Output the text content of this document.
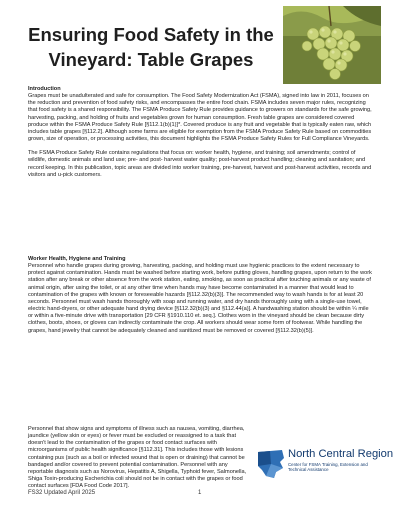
Ensuring Food Safety in the Vineyard: Table Grapes
Introduction

Grapes must be unadulterated and safe for consumption. The Food Safety Modernization Act (FSMA), signed into law in 2011, focuses on the reduction and prevention of food safety risks, and encompasses the entire food chain. FSMA includes seven major rules, recognizing that food safety is a shared responsibility. The FSMA Produce Safety Rule provides guidance to growers on standards for the safe growing, harvesting, packing, and holding of fruits and vegetables grown for human consumption. Fresh table grapes are considered covered produce within the FSMA Produce Safety Rule [§112.1(b)(1)]*. Covered produce is any fruit and vegetable that is typically eaten raw, which includes table grapes [§112.2]. Although some farms are eligible for exemption from the FSMA Produce Safety Rule based on commodities grown, size of operation, or processing activities, this document highlights the FSMA Produce Safety Rules for Full Compliance Vineyards.

The FSMA Produce Safety Rule contains regulations that focus on: worker health, hygiene, and training; soil amendments; control of wildlife, domestic animals and land use; pre- and post- harvest water quality; post-harvest product handling; cleaning and sanitation; and record keeping. In this publication, topic areas are divided into worker training, pre-harvest, harvest and post-harvest activities, records and visitors and u-pick customers.

Worker Health, Hygiene and Training

Personnel who handle grapes during growing, harvesting, packing, and holding must use hygienic practices to the extent necessary to protect against contamination. Hands must be washed before starting work, before putting gloves, handling grapes, upon return to the work station after any break or other absence from the work station, eating, smoking, as soon as practical after touching animals or any waste of animal origin, after using the toilet, or at any other time when hands may have become contaminated in a manner that would lead to contamination of the grapes with known or foreseeable hazards [§112.32(b)(3)]. The recommended way to wash hands is for at least 20 seconds. Personnel must wash hands thoroughly with soap and running water, and dry hands thoroughly using with a single-use towel, electric hand-dryers, or other adequate hand drying device [§112.32(b)(3) and §112.44(a)]. A handwashing station should be within ¼ mile or within a five-minute drive with transportation [29 CFR §1910.110 et. seq.]. Clothes worn in the vineyard should be clean because dirty clothes, boots, shoes, or gloves can indirectly contaminate the crop. All workers should wear some form of footwear. While handling the grapes, hand jewelry that cannot be adequately cleaned and sanitized must be removed or covered [§112.32(b)(5)].

Personnel that show signs and symptoms of illness such as nausea, vomiting, diarrhea, jaundice (yellow skin or eyes) or fever must be excluded or reassigned to a task that doesn't lead to the contamination of the grapes or food contact surfaces with microorganisms of public health significance [§112.31]. This includes those with lesions containing pus (such as a boil or infected wound that is open or draining) that cannot be bandaged and/or covered to prevent potential contamination. Personnel with any reportable diagnosis such as Norovirus, Hepatitis A, Shigella, Typhoid fever, Salmonella, Shiga Toxin-producing Escherichia coli should not be in contact with the grapes or food contact surfaces [FDA Food Code 2017].

North Central Region
Center for FSMA Training, Extension and Technical Assistance
FS32 Updated April 2025	1
